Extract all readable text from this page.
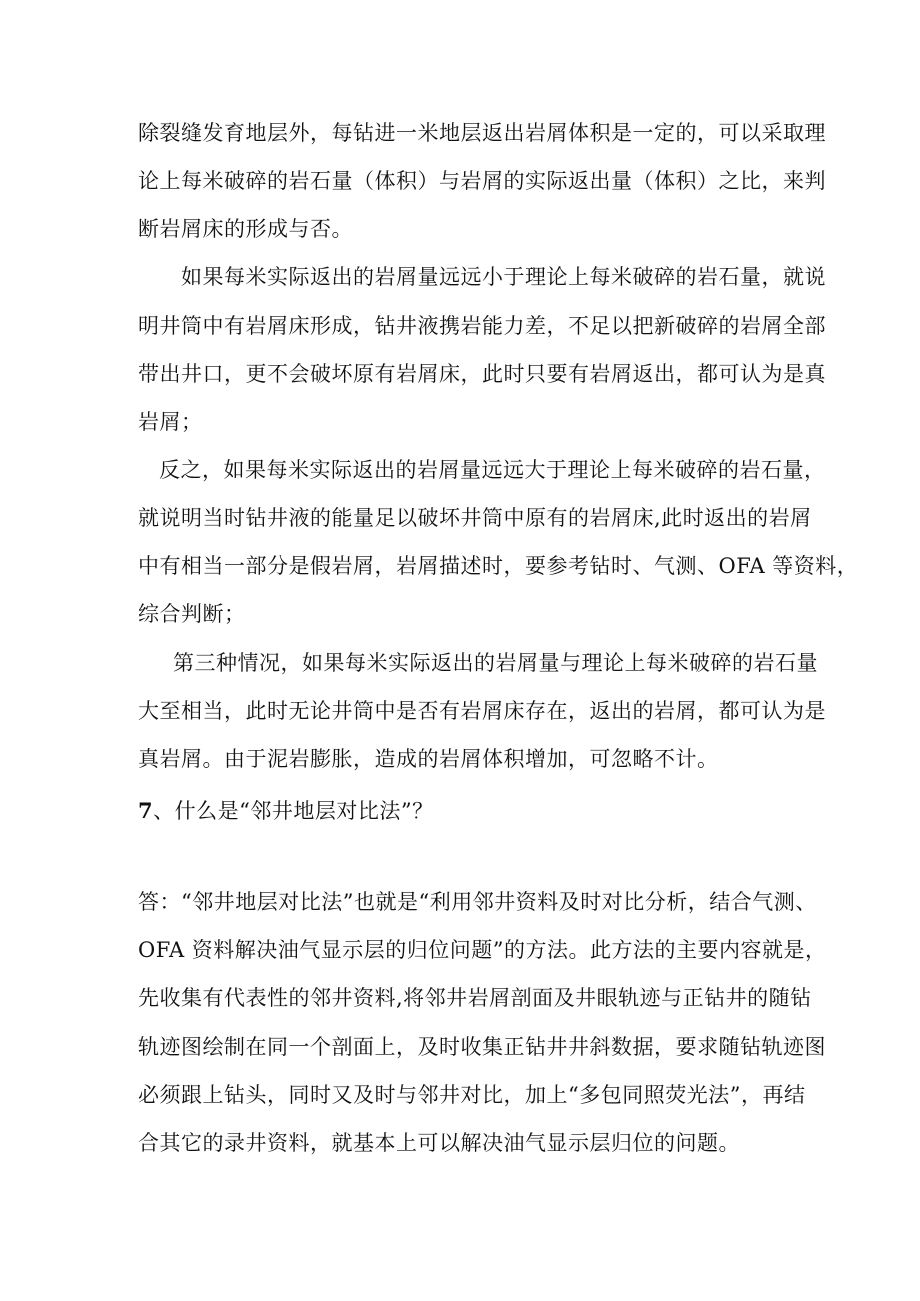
除裂缝发育地层外，每钻进一米地层返出岩屑体积是一定的，可以采取理
论上每米破碎的岩石量（体积）与岩屑的实际返出量（体积）之比，来判
断岩屑床的形成与否。
如果每米实际返出的岩屑量远远小于理论上每米破碎的岩石量，就说
明井筒中有岩屑床形成，钻井液携岩能力差，不足以把新破碎的岩屑全部
带出井口，更不会破坏原有岩屑床，此时只要有岩屑返出，都可认为是真
岩屑；
反之，如果每米实际返出的岩屑量远远大于理论上每米破碎的岩石量，
就说明当时钻井液的能量足以破坏井筒中原有的岩屑床,此时返出的岩屑
中有相当一部分是假岩屑，岩屑描述时，要参考钻时、气测、OFA 等资料，
综合判断；
第三种情况，如果每米实际返出的岩屑量与理论上每米破碎的岩石量
大至相当，此时无论井筒中是否有岩屑床存在，返出的岩屑，都可认为是
真岩屑。由于泥岩膨胀，造成的岩屑体积增加，可忽略不计。
7、什么是“邻井地层对比法”？
答：“邻井地层对比法”也就是“利用邻井资料及时对比分析，结合气测、
OFA 资料解决油气显示层的归位问题”的方法。此方法的主要内容就是，
先收集有代表性的邻井资料,将邻井岩屑剖面及井眼轨迹与正钻井的随钻
轨迹图绘制在同一个剖面上，及时收集正钻井井斜数据，要求随钻轨迹图
必须跟上钻头，同时又及时与邻井对比，加上“多包同照荧光法”，再结
合其它的录井资料，就基本上可以解决油气显示层归位的问题。
